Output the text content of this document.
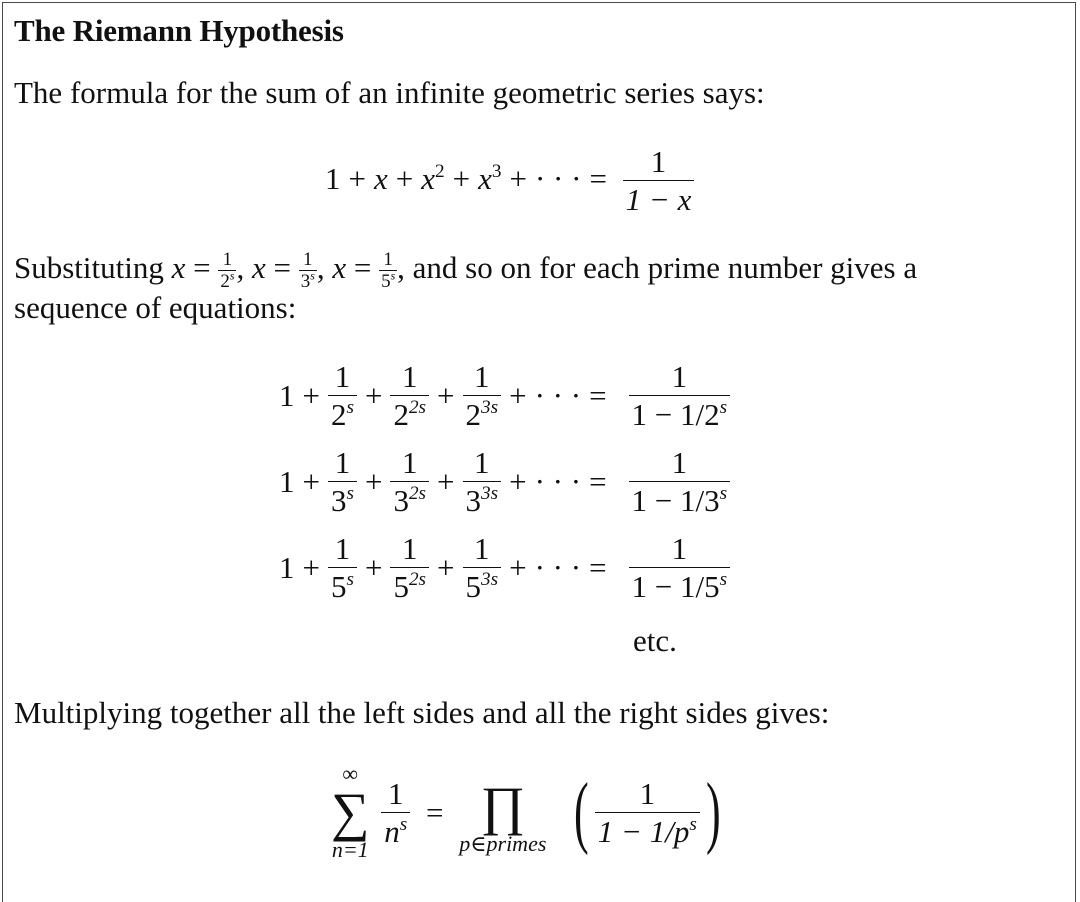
The Riemann Hypothesis
The formula for the sum of an infinite geometric series says:
$1 + x + x^2 + x^3$ + · · · = $\frac{1}{1 - x}$
Substituting $x = \frac{1}{2^s}$ , $x = \frac{1}{3^s}$ , $x = \frac{1}{5^s}$ , and so on for each prime number gives a
sequence of equations:
$1 + \frac{1}{2^s} + \frac{1}{2^{2s}} + \frac{1}{2^{3s}}$ + · · · = $\frac{1}{1 - 1/2^s}$
$1 + \frac{1}{3^s} + \frac{1}{3^{2s}} + \frac{1}{3^{3s}}$ + · · · = $\frac{1}{1 - 1/3^s}$
$1 + \frac{1}{5^s} + \frac{1}{5^{2s}} + \frac{1}{5^{3s}}$ + · · · = $\frac{1}{1 - 1/5^s}$
etc.
Multiplying together all the left sides and all the right sides gives:
∞
∑
n=1

$\frac{1}{n^s}$ = ∏
p∈primes ( $\frac{1}{1 - 1/p^s}$ )
